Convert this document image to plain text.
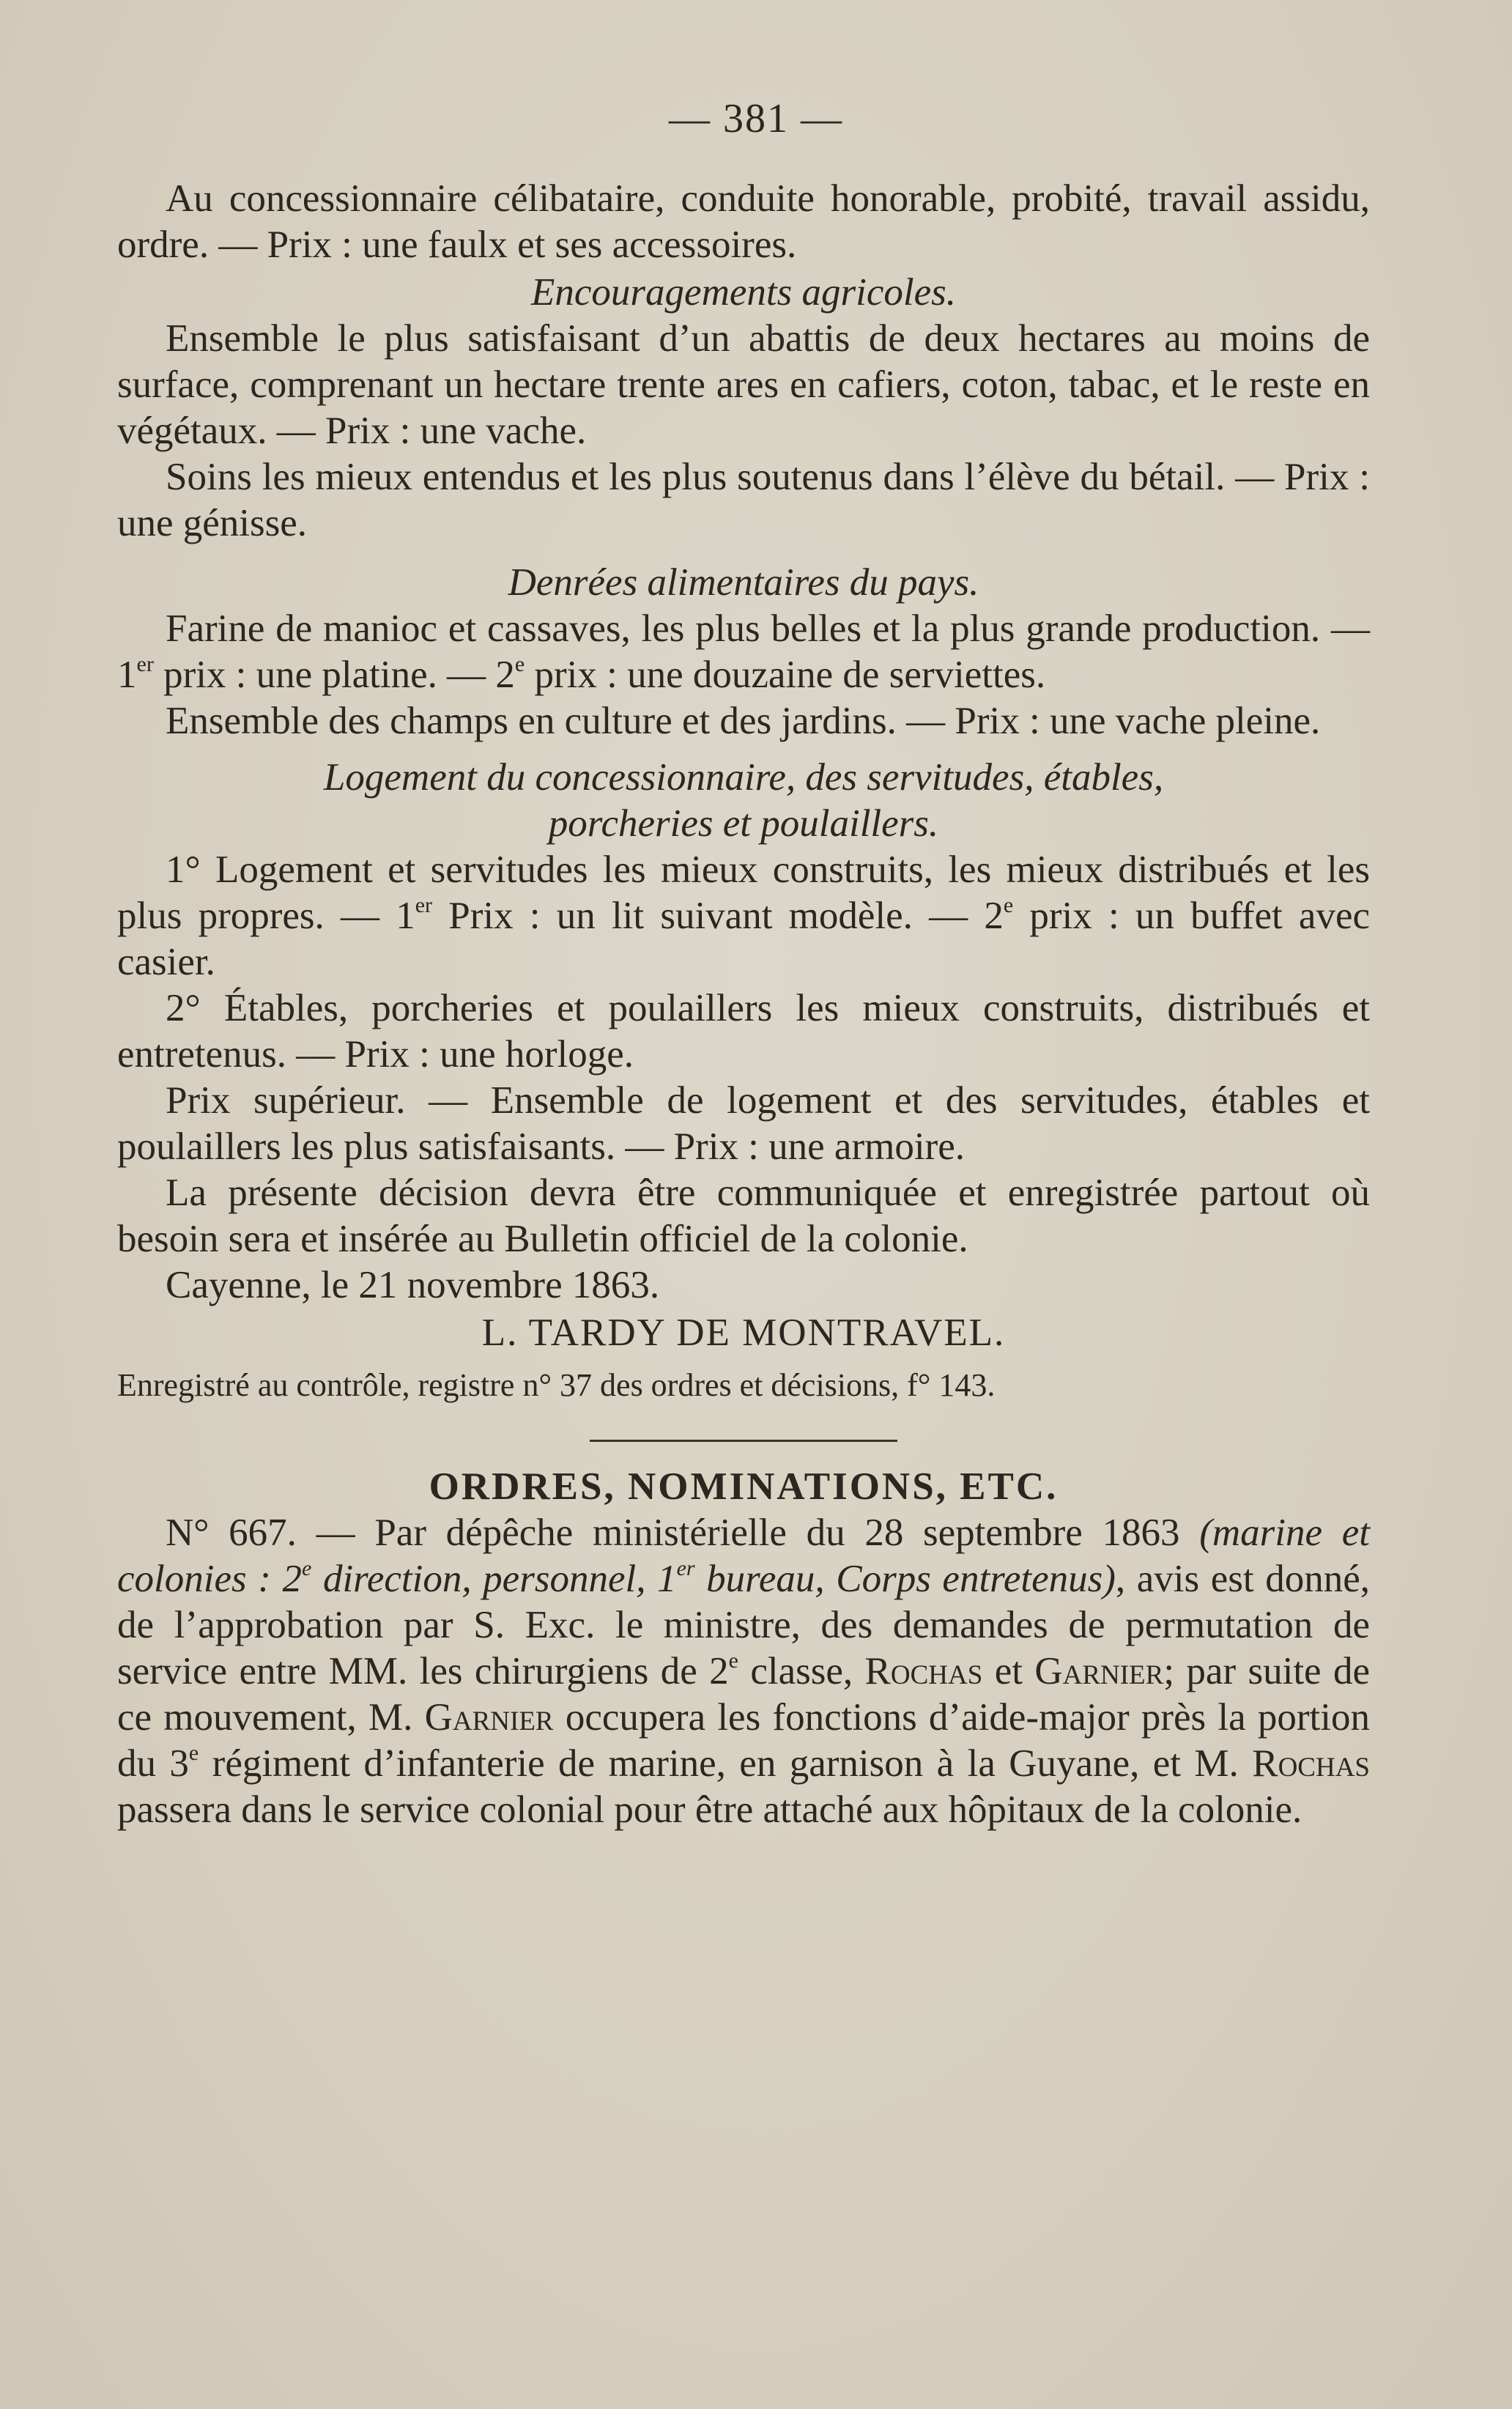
— 381 —

Au concessionnaire célibataire, conduite honorable, probité, travail assidu, ordre. — Prix : une faulx et ses accessoires.

Encouragements agricoles.

Ensemble le plus satisfaisant d’un abattis de deux hectares au moins de surface, comprenant un hectare trente ares en cafiers, coton, tabac, et le reste en végétaux. — Prix : une vache.

Soins les mieux entendus et les plus soutenus dans l’élève du bétail. — Prix : une génisse.

Denrées alimentaires du pays.

Farine de manioc et cassaves, les plus belles et la plus grande production. — 1er prix : une platine. — 2e prix : une douzaine de serviettes.

Ensemble des champs en culture et des jardins. — Prix : une vache pleine.

Logement du concessionnaire, des servitudes, étables,

porcheries et poulaillers.

1° Logement et servitudes les mieux construits, les mieux distribués et les plus propres. — 1er Prix : un lit suivant modèle. — 2e prix : un buffet avec casier.

2° Étables, porcheries et poulaillers les mieux construits, distribués et entretenus. — Prix : une horloge.

Prix supérieur. — Ensemble de logement et des servitudes, étables et poulaillers les plus satisfaisants. — Prix : une armoire.

La présente décision devra être communiquée et enregistrée partout où besoin sera et insérée au Bulletin officiel de la colonie.

Cayenne, le 21 novembre 1863.

L. TARDY DE MONTRAVEL.

Enregistré au contrôle, registre n° 37 des ordres et décisions, f° 143.

ORDRES, NOMINATIONS, ETC.

N° 667. — Par dépêche ministérielle du 28 septembre 1863 (marine et colonies : 2e direction, personnel, 1er bureau, Corps entretenus), avis est donné, de l’approbation par S. Exc. le ministre, des demandes de permutation de service entre MM. les chirurgiens de 2e classe, Rochas et Garnier; par suite de ce mouvement, M. Garnier occupera les fonctions d’aide-major près la portion du 3e régiment d’infanterie de marine, en garnison à la Guyane, et M. Rochas passera dans le service colonial pour être attaché aux hôpitaux de la colonie.
